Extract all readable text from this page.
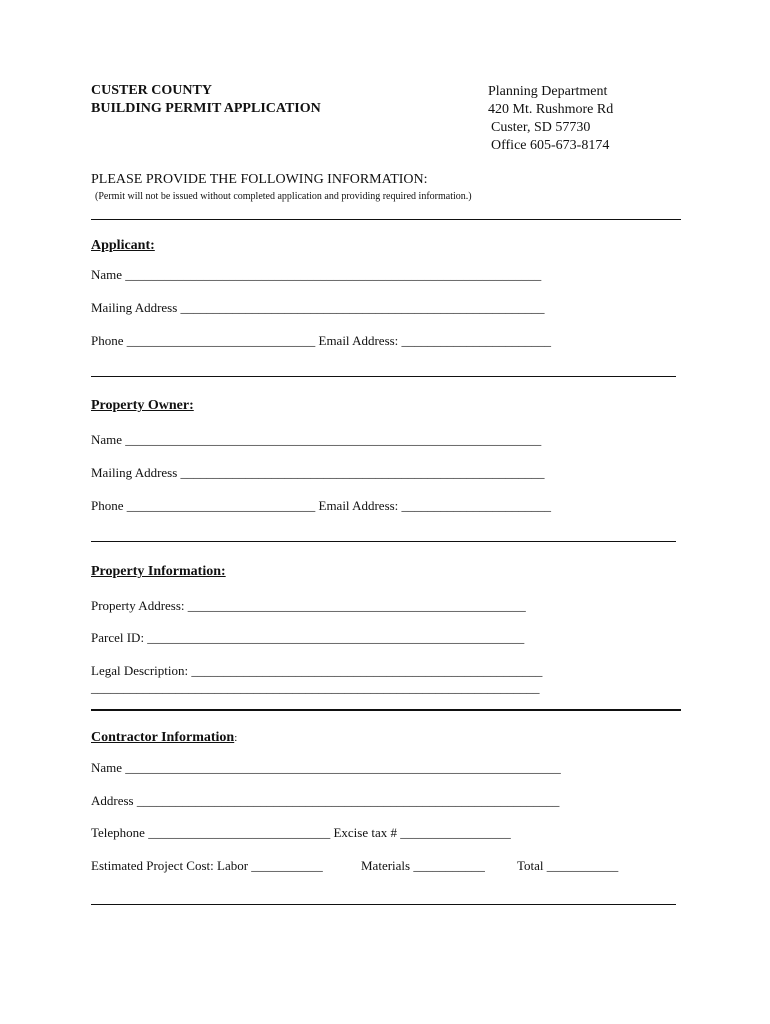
CUSTER COUNTY
BUILDING PERMIT APPLICATION
Planning Department
420 Mt. Rushmore Rd
Custer, SD 57730
Office 605-673-8174
PLEASE PROVIDE THE FOLLOWING INFORMATION:
(Permit will not be issued without completed application and providing required information.)
Applicant:
Name ________________________________________________________________
Mailing Address ________________________________________________________
Phone _____________________________ Email Address: _______________________
Property Owner:
Name ________________________________________________________________
Mailing Address ________________________________________________________
Phone _____________________________ Email Address: _______________________
Property Information:
Property Address: ____________________________________________________
Parcel ID: __________________________________________________________
Legal Description: ______________________________________________________
_____________________________________________________________________
Contractor Information:
Name ___________________________________________________________________
Address _________________________________________________________________
Telephone ____________________________ Excise tax # _________________
Estimated Project Cost: Labor ___________	Materials ___________ Total ___________
